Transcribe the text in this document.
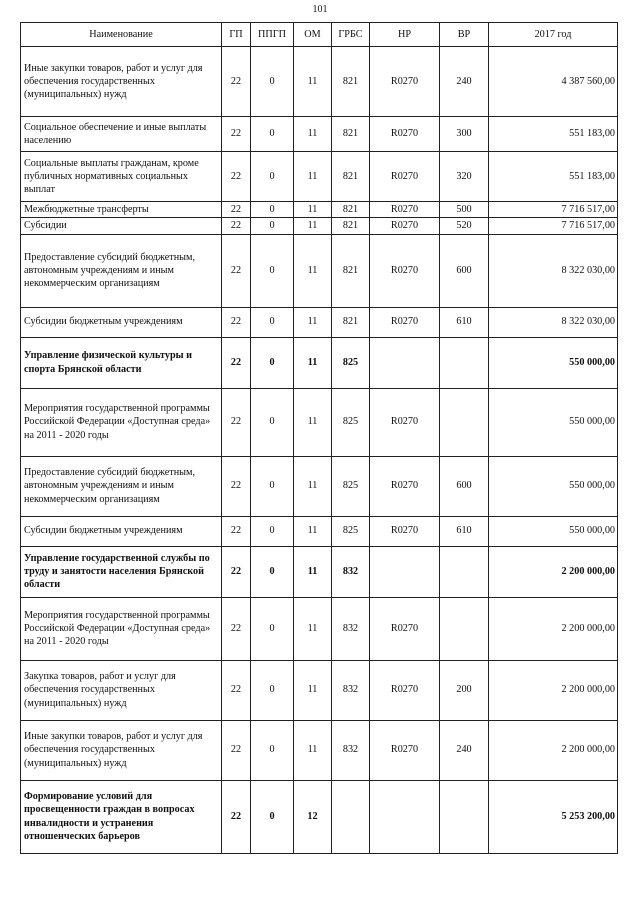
101
Наименование	ГП	ППГП	ОМ	ГРБС	НР	ВР	2017 год
Иные закупки товаров, работ и услуг для обеспечения государственных (муниципальных) нужд	22	0	11	821	R0270	240	4 387 560,00
Социальное обеспечение и иные выплаты населению	22	0	11	821	R0270	300	551 183,00
Социальные выплаты гражданам, кроме публичных нормативных социальных выплат	22	0	11	821	R0270	320	551 183,00
Межбюджетные трансферты	22	0	11	821	R0270	500	7 716 517,00
Субсидии	22	0	11	821	R0270	520	7 716 517,00
Предоставление субсидий бюджетным, автономным учреждениям и иным некоммерческим организациям	22	0	11	821	R0270	600	8 322 030,00
Субсидии бюджетным учреждениям	22	0	11	821	R0270	610	8 322 030,00
Управление физической культуры и спорта Брянской области	22	0	11	825			550 000,00
Мероприятия государственной программы Российской Федерации «Доступная среда» на 2011 - 2020 годы	22	0	11	825	R0270		550 000,00
Предоставление субсидий бюджетным, автономным учреждениям и иным некоммерческим организациям	22	0	11	825	R0270	600	550 000,00
Субсидии бюджетным учреждениям	22	0	11	825	R0270	610	550 000,00
Управление государственной службы по труду и занятости населения Брянской области	22	0	11	832			2 200 000,00
Мероприятия государственной программы Российской Федерации «Доступная среда» на 2011 - 2020 годы	22	0	11	832	R0270		2 200 000,00
Закупка товаров, работ и услуг для обеспечения государственных (муниципальных) нужд	22	0	11	832	R0270	200	2 200 000,00
Иные закупки товаров, работ и услуг для обеспечения государственных (муниципальных) нужд	22	0	11	832	R0270	240	2 200 000,00
Формирование условий для просвещенности граждан в вопросах инвалидности и устранения отношенческих барьеров	22	0	12				5 253 200,00
